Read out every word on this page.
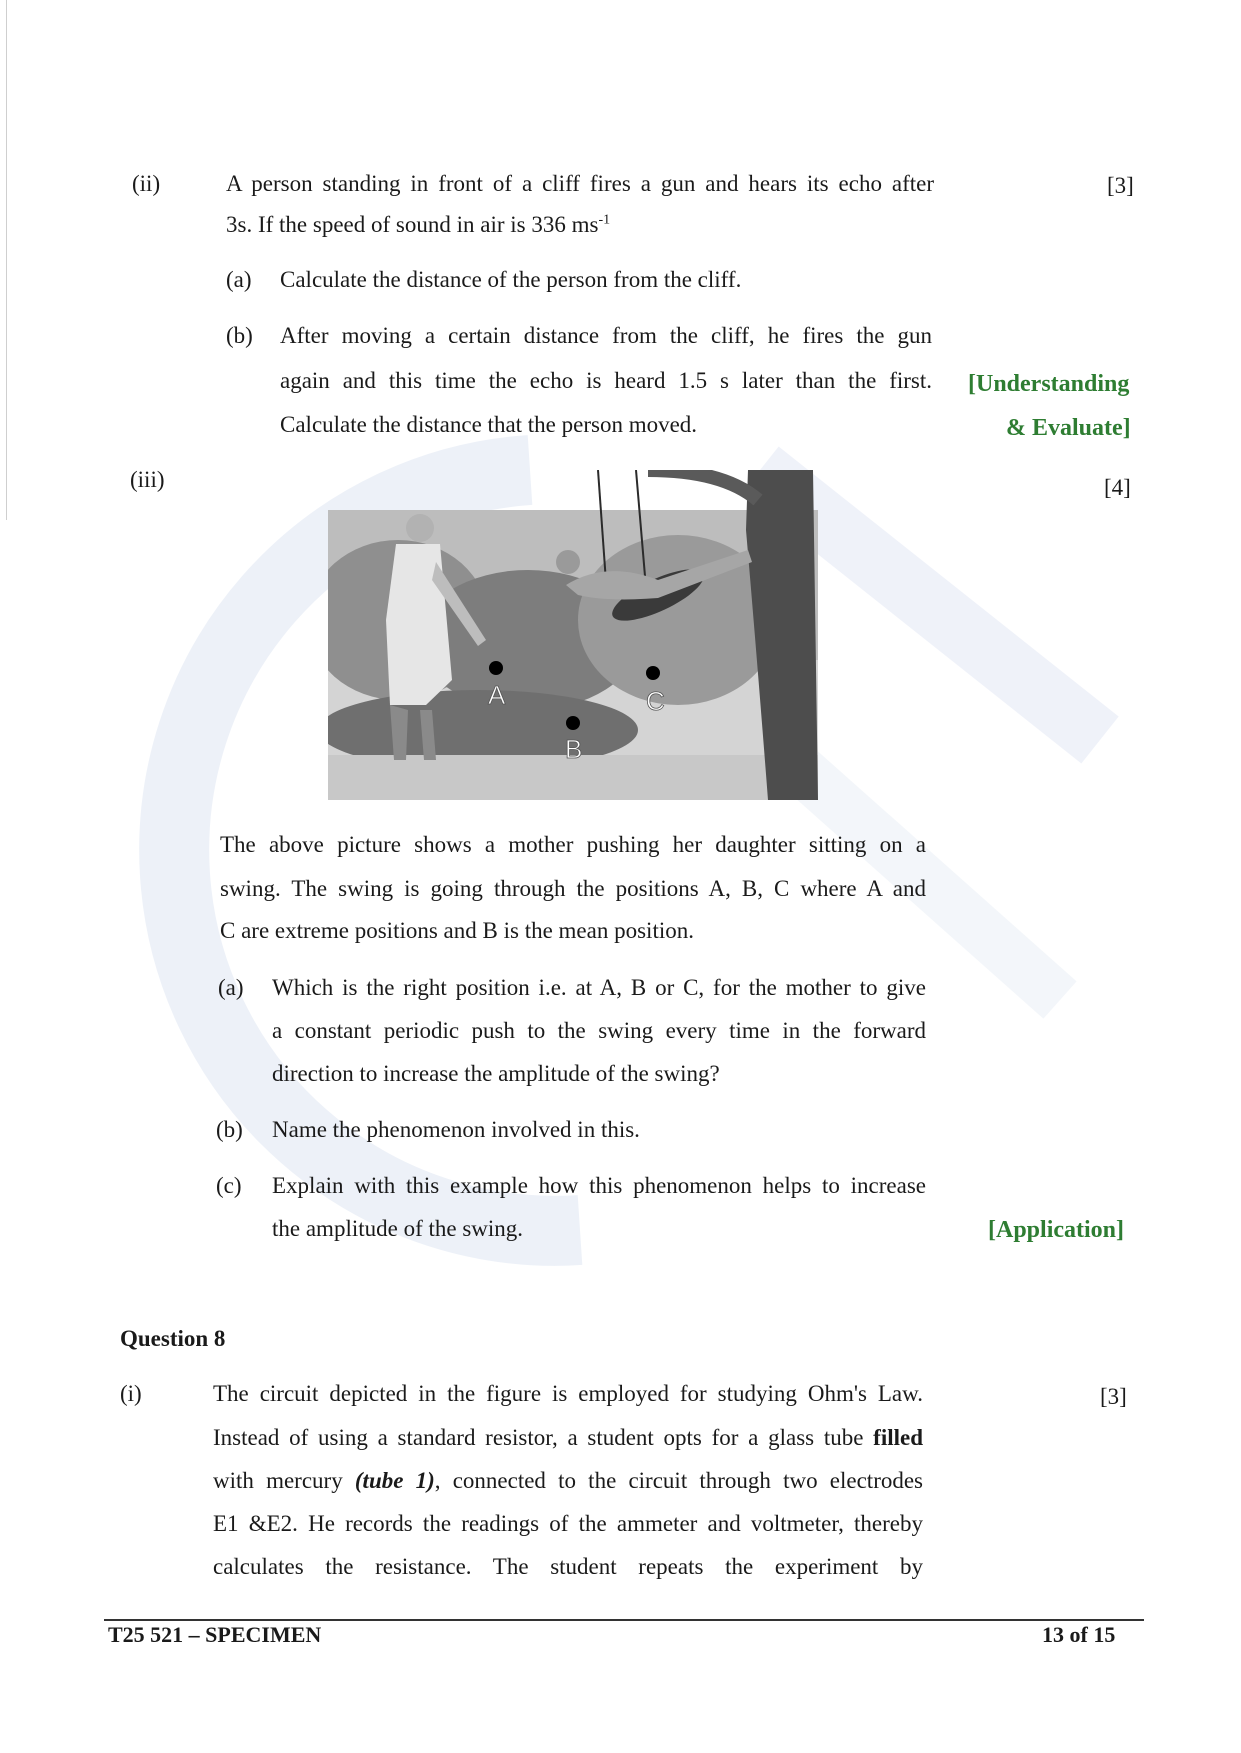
(ii)	A person standing in front of a cliff fires a gun and hears its echo after
3s. If the speed of sound in air is 336 $ms^{-1}$
[3]
(a) Calculate the distance of the person from the cliff.
(b) After moving a certain distance from the cliff, he fires the gun
again and this time the echo is heard 1.5 s later than the first.
Calculate the distance that the person moved.
[Understanding
& Evaluate]
(iii)	[4]
A
B
C
The above picture shows a mother pushing her daughter sitting on a
swing. The swing is going through the positions A, B, C where A and
C are extreme positions and B is the mean position.
(a) Which is the right position i.e. at A, B or C, for the mother to give
a constant periodic push to the swing every time in the forward
direction to increase the amplitude of the swing?
(b) Name the phenomenon involved in this.
(c) Explain with this example how this phenomenon helps to increase
the amplitude of the swing.	[Application]
Question 8
(i)	[3]
The circuit depicted in the figure is employed for studying Ohm's Law.
Instead of using a standard resistor, a student opts for a glass tube filled
with mercury (tube 1), connected to the circuit through two electrodes
E1 &E2. He records the readings of the ammeter and voltmeter, thereby
calculates the resistance. The student repeats the experiment by
T25 521 – SPECIMEN	13 of 15
